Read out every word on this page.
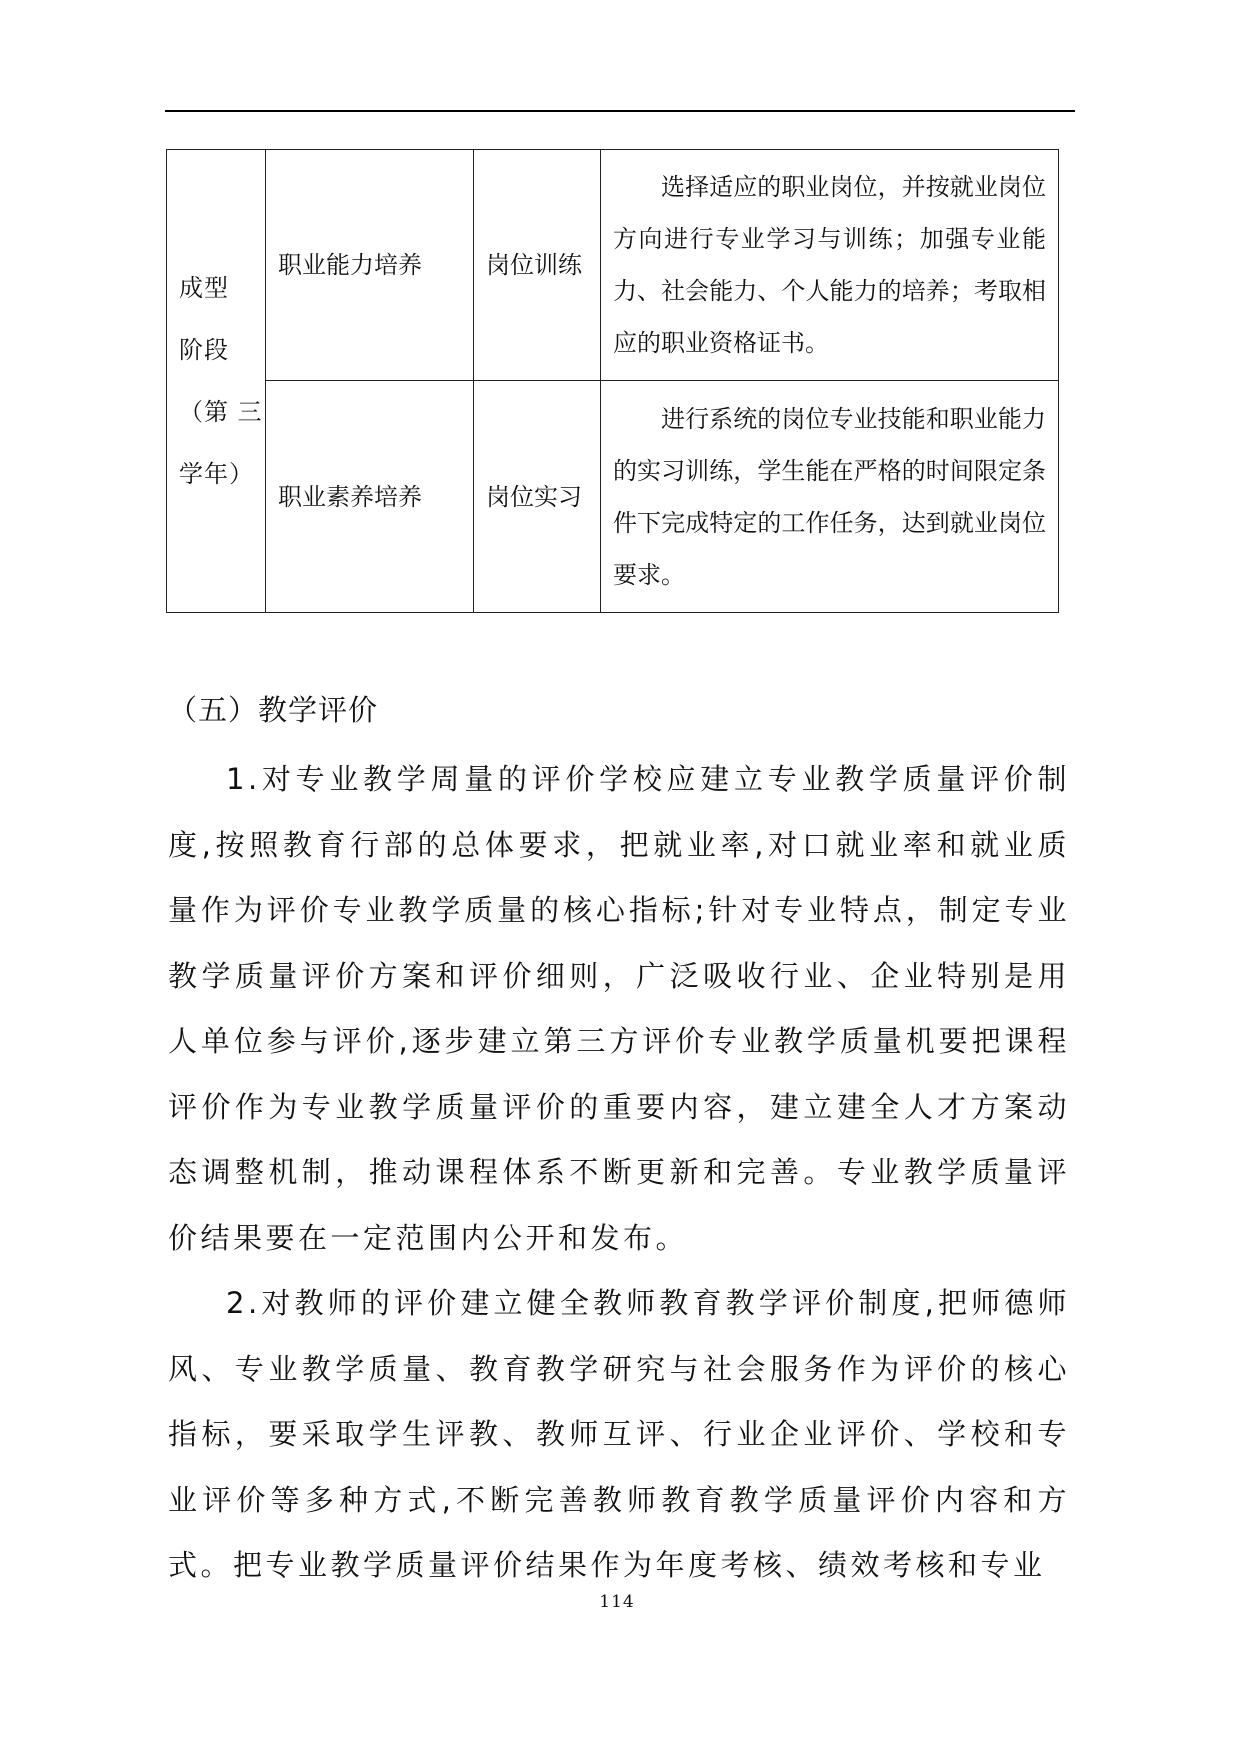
成型
阶段
（第 三
学年）	职业能力培养	岗位训练	选择适应的职业岗位，并按就业岗位方向进行专业学习与训练；加强专业能力、社会能力、个人能力的培养；考取相应的职业资格证书。

	职业素养培养	岗位实习	进行系统的岗位专业技能和职业能力的实习训练，学生能在严格的时间限定条件下完成特定的工作任务，达到就业岗位要求。

（五）教学评价

1.对专业教学周量的评价学校应建立专业教学质量评价制度,按照教育行部的总体要求，把就业率,对口就业率和就业质量作为评价专业教学质量的核心指标;针对专业特点，制定专业教学质量评价方案和评价细则，广泛吸收行业、企业特别是用人单位参与评价,逐步建立第三方评价专业教学质量机要把课程评价作为专业教学质量评价的重要内容，建立建全人才方案动态调整机制，推动课程体系不断更新和完善。专业教学质量评价结果要在一定范围内公开和发布。

2.对教师的评价建立健全教师教育教学评价制度,把师德师风、专业教学质量、教育教学研究与社会服务作为评价的核心指标，要采取学生评教、教师互评、行业企业评价、学校和专业评价等多种方式,不断完善教师教育教学质量评价内容和方式。把专业教学质量评价结果作为年度考核、绩效考核和专业

114
